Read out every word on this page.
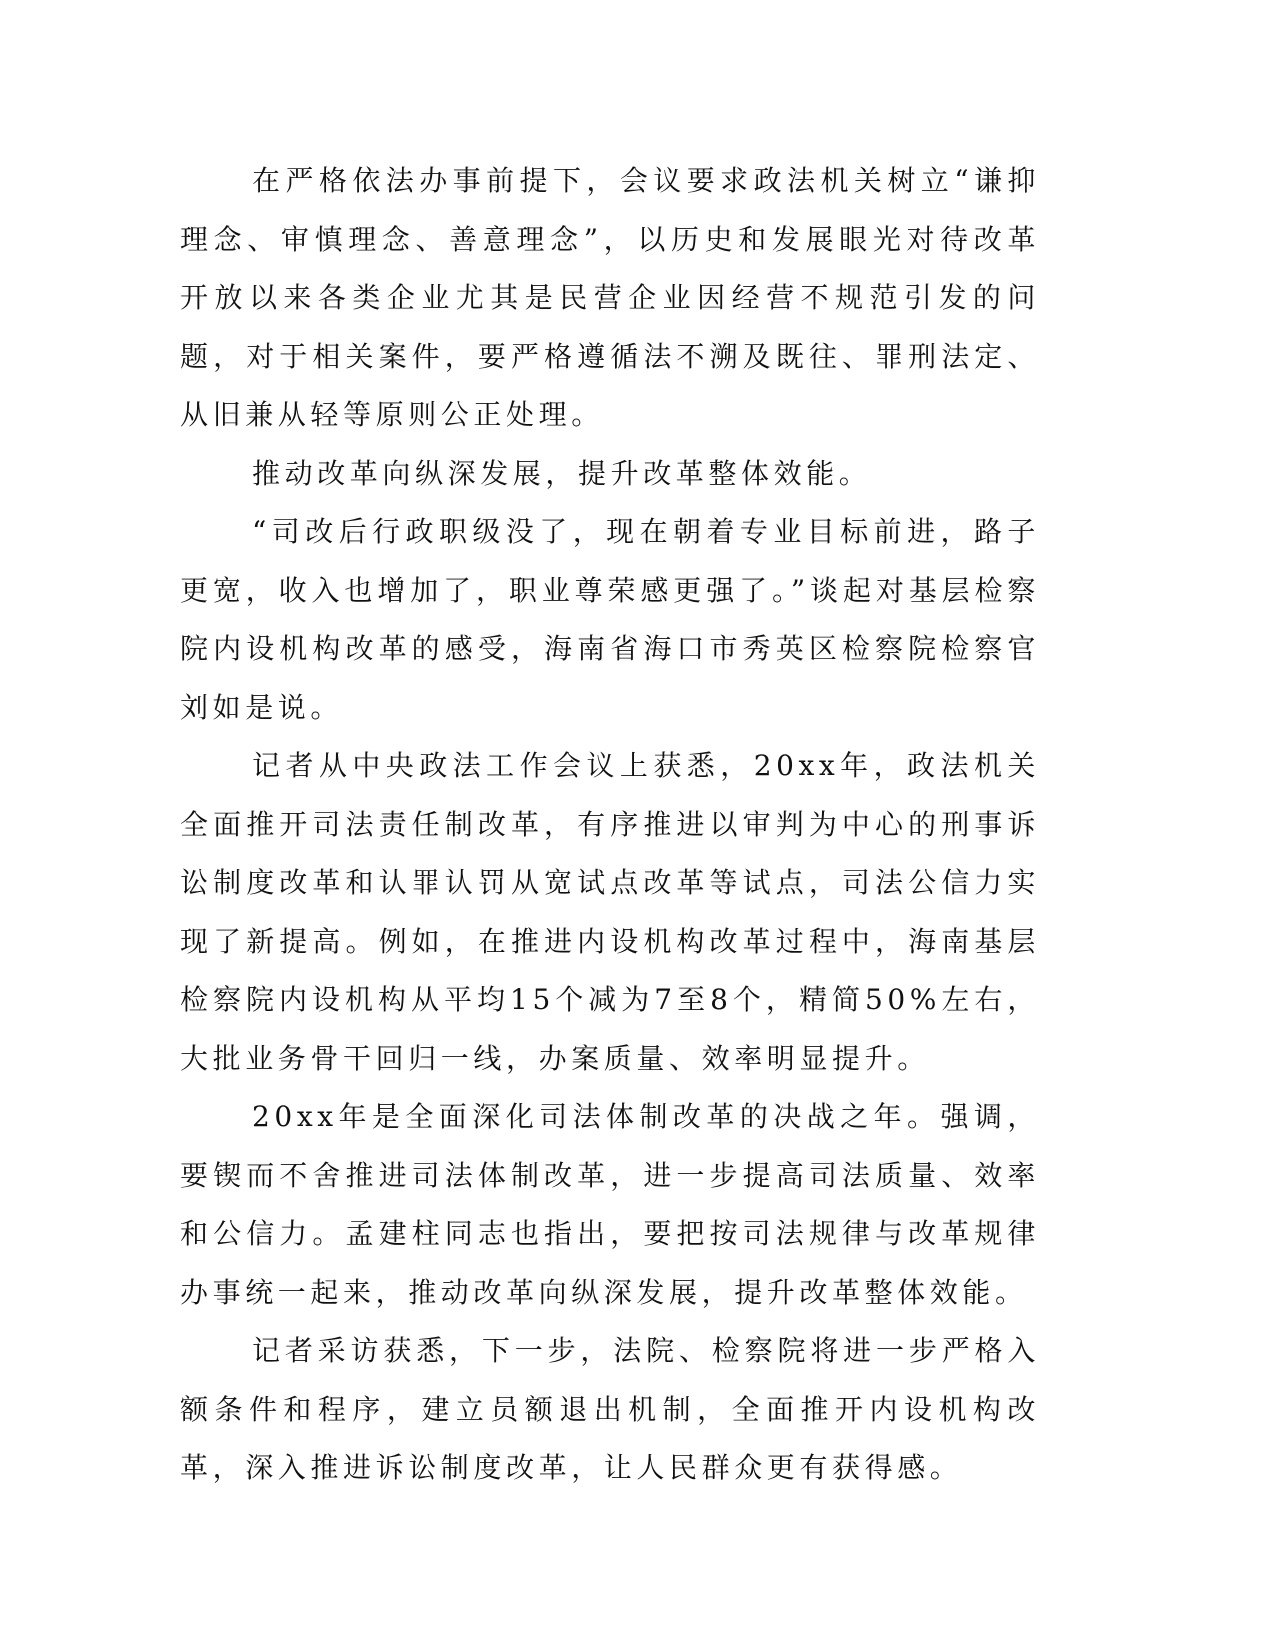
在严格依法办事前提下，会议要求政法机关树立“谦抑理念、审慎理念、善意理念”，以历史和发展眼光对待改革开放以来各类企业尤其是民营企业因经营不规范引发的问题，对于相关案件，要严格遵循法不溯及既往、罪刑法定、从旧兼从轻等原则公正处理。

推动改革向纵深发展，提升改革整体效能。

“司改后行政职级没了，现在朝着专业目标前进，路子更宽，收入也增加了，职业尊荣感更强了。”谈起对基层检察院内设机构改革的感受，海南省海口市秀英区检察院检察官刘如是说。

记者从中央政法工作会议上获悉，20xx年，政法机关全面推开司法责任制改革，有序推进以审判为中心的刑事诉讼制度改革和认罪认罚从宽试点改革等试点，司法公信力实现了新提高。例如，在推进内设机构改革过程中，海南基层检察院内设机构从平均15个减为7至8个，精简50%左右，大批业务骨干回归一线，办案质量、效率明显提升。

20xx年是全面深化司法体制改革的决战之年。强调，要锲而不舍推进司法体制改革，进一步提高司法质量、效率和公信力。孟建柱同志也指出，要把按司法规律与改革规律办事统一起来，推动改革向纵深发展，提升改革整体效能。

记者采访获悉，下一步，法院、检察院将进一步严格入额条件和程序，建立员额退出机制，全面推开内设机构改革，深入推进诉讼制度改革，让人民群众更有获得感。
